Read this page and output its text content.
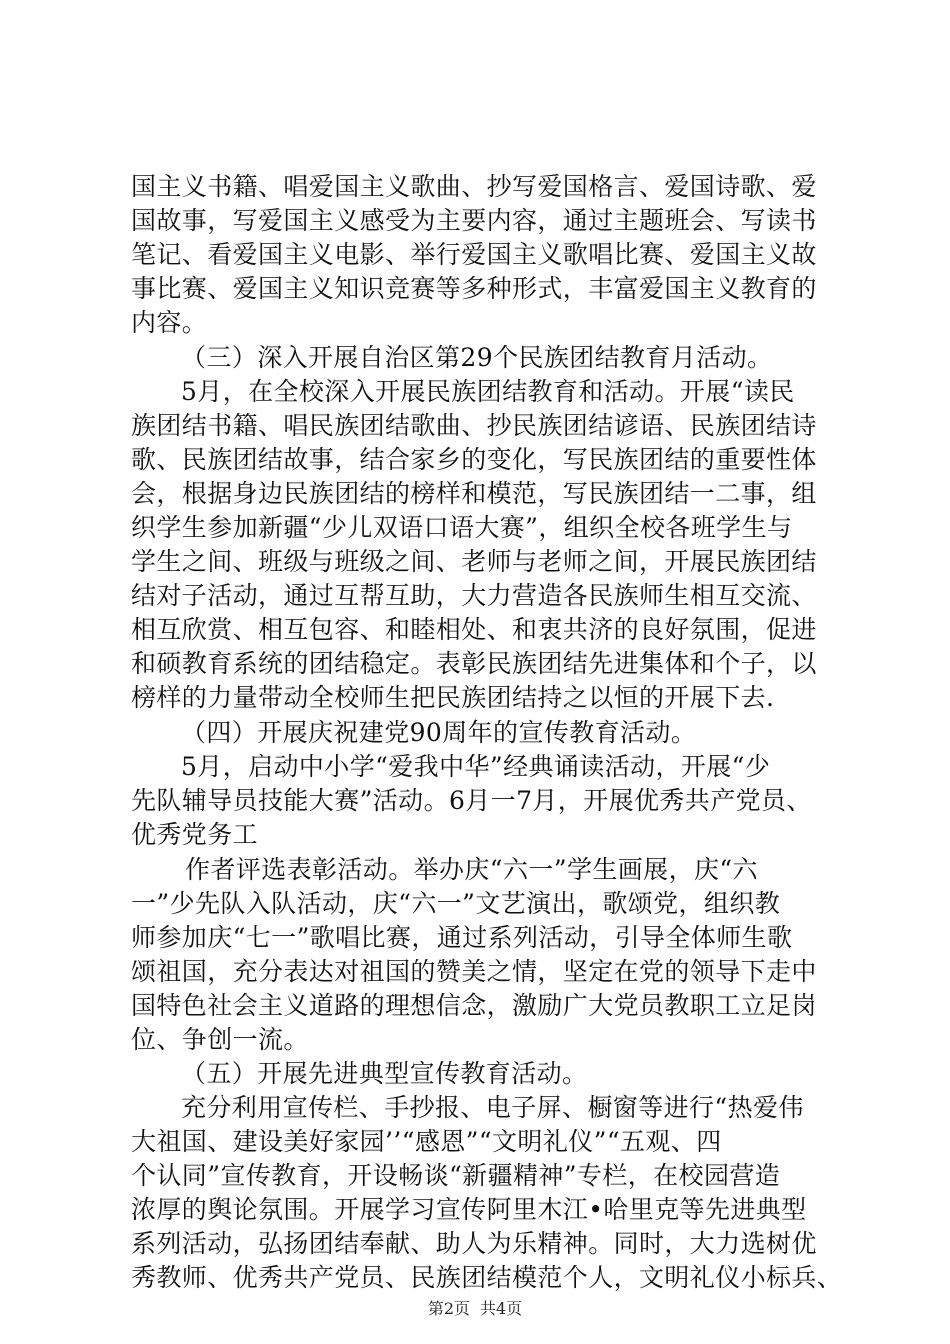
国主义书籍、唱爱国主义歌曲、抄写爱国格言、爱国诗歌、爱
国故事，写爱国主义感受为主要内容，通过主题班会、写读书
笔记、看爱国主义电影、举行爱国主义歌唱比赛、爱国主义故
事比赛、爱国主义知识竞赛等多种形式，丰富爱国主义教育的
内容。
（三）深入开展自治区第29个民族团结教育月活动。
5月，在全校深入开展民族团结教育和活动。开展“读民
族团结书籍、唱民族团结歌曲、抄民族团结谚语、民族团结诗
歌、民族团结故事，结合家乡的变化，写民族团结的重要性体
会，根据身边民族团结的榜样和模范，写民族团结一二事，组
织学生参加新疆“少儿双语口语大赛”，组织全校各班学生与
学生之间、班级与班级之间、老师与老师之间，开展民族团结
结对子活动，通过互帮互助，大力营造各民族师生相互交流、
相互欣赏、相互包容、和睦相处、和衷共济的良好氛围，促进
和硕教育系统的团结稳定。表彰民族团结先进集体和个子，以
榜样的力量带动全校师生把民族团结持之以恒的开展下去.
（四）开展庆祝建党90周年的宣传教育活动。
5月，启动中小学“爱我中华”经典诵读活动，开展“少
先队辅导员技能大赛”活动。6月一7月，开展优秀共产党员、
优秀党务工
作者评选表彰活动。举办庆“六一”学生画展，庆“六
一”少先队入队活动，庆“六一”文艺演出，歌颂党，组织教
师参加庆“七一”歌唱比赛，通过系列活动，引导全体师生歌
颂祖国，充分表达对祖国的赞美之情，坚定在党的领导下走中
国特色社会主义道路的理想信念，激励广大党员教职工立足岗
位、争创一流。
（五）开展先进典型宣传教育活动。
充分利用宣传栏、手抄报、电子屏、橱窗等进行“热爱伟
大祖国、建设美好家园’’“感恩”“文明礼仪”“五观、四
个认同”宣传教育，开设畅谈“新疆精神”专栏，在校园营造
浓厚的舆论氛围。开展学习宣传阿里木江•哈里克等先进典型
系列活动，弘扬团结奉献、助人为乐精神。同时，大力选树优
秀教师、优秀共产党员、民族团结模范个人，文明礼仪小标兵、
第2页 共4页
